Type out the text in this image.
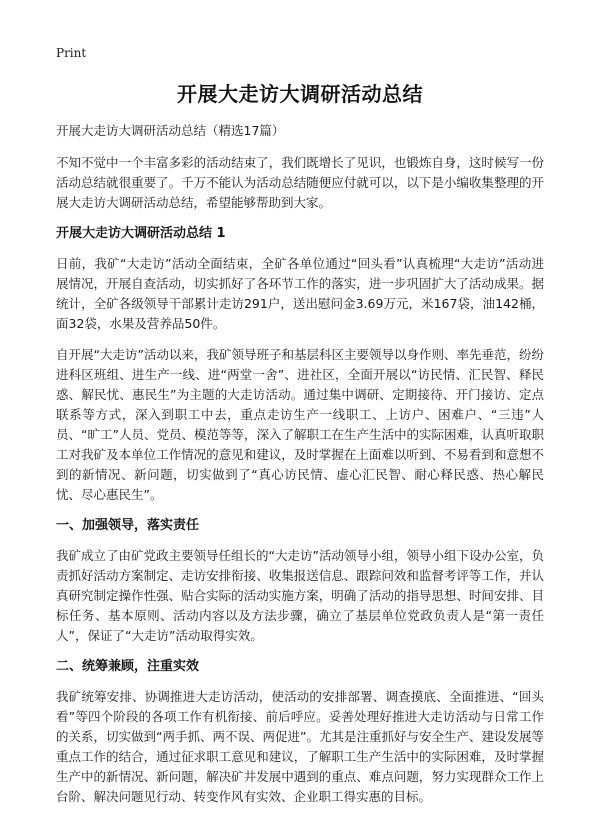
Print
开展大走访大调研活动总结
开展大走访大调研活动总结（精选17篇）

不知不觉中一个丰富多彩的活动结束了，我们既增长了见识，也锻炼自身，这时候写一份活动总结就很重要了。千万不能认为活动总结随便应付就可以，以下是小编收集整理的开展大走访大调研活动总结，希望能够帮助到大家。

开展大走访大调研活动总结 1

日前，我矿“大走访”活动全面结束，全矿各单位通过“回头看”认真梳理“大走访”活动进展情况，开展自查活动，切实抓好了各环节工作的落实，进一步巩固扩大了活动成果。据统计，全矿各级领导干部累计走访291户，送出慰问金3.69万元，米167袋，油142桶，面32袋，水果及营养品50件。

自开展“大走访”活动以来，我矿领导班子和基层科区主要领导以身作则、率先垂范，纷纷进科区班组、进生产一线、进“两堂一舍”、进社区，全面开展以“访民情、汇民智、释民惑、解民忧、惠民生”为主题的大走访活动。通过集中调研、定期接待、开门接访、定点联系等方式，深入到职工中去，重点走访生产一线职工、上访户、困难户、“三违”人员、“旷工”人员、党员、模范等等，深入了解职工在生产生活中的实际困难，认真听取职工对我矿及本单位工作情况的意见和建议，及时掌握在上面难以听到、不易看到和意想不到的新情况、新问题，切实做到了“真心访民情、虚心汇民智、耐心释民惑、热心解民忧、尽心惠民生”。

一、加强领导，落实责任

我矿成立了由矿党政主要领导任组长的“大走访”活动领导小组，领导小组下设办公室，负责抓好活动方案制定、走访安排衔接、收集报送信息、跟踪问效和监督考评等工作，并认真研究制定操作性强、贴合实际的活动实施方案，明确了活动的指导思想、时间安排、目标任务、基本原则、活动内容以及方法步骤，确立了基层单位党政负责人是“第一责任人”，保证了“大走访”活动取得实效。

二、统筹兼顾，注重实效

我矿统筹安排、协调推进大走访活动，使活动的安排部署、调查摸底、全面推进、“回头看”等四个阶段的各项工作有机衔接、前后呼应。妥善处理好推进大走访活动与日常工作的关系，切实做到“两手抓、两不误、两促进”。尤其是注重抓好与安全生产、建设发展等重点工作的结合，通过征求职工意见和建议，了解职工生产生活中的实际困难，及时掌握生产中的新情况、新问题，解决矿井发展中遇到的重点、难点问题，努力实现群众工作上台阶、解决问题见行动、转变作风有实效、企业职工得实惠的目标。
